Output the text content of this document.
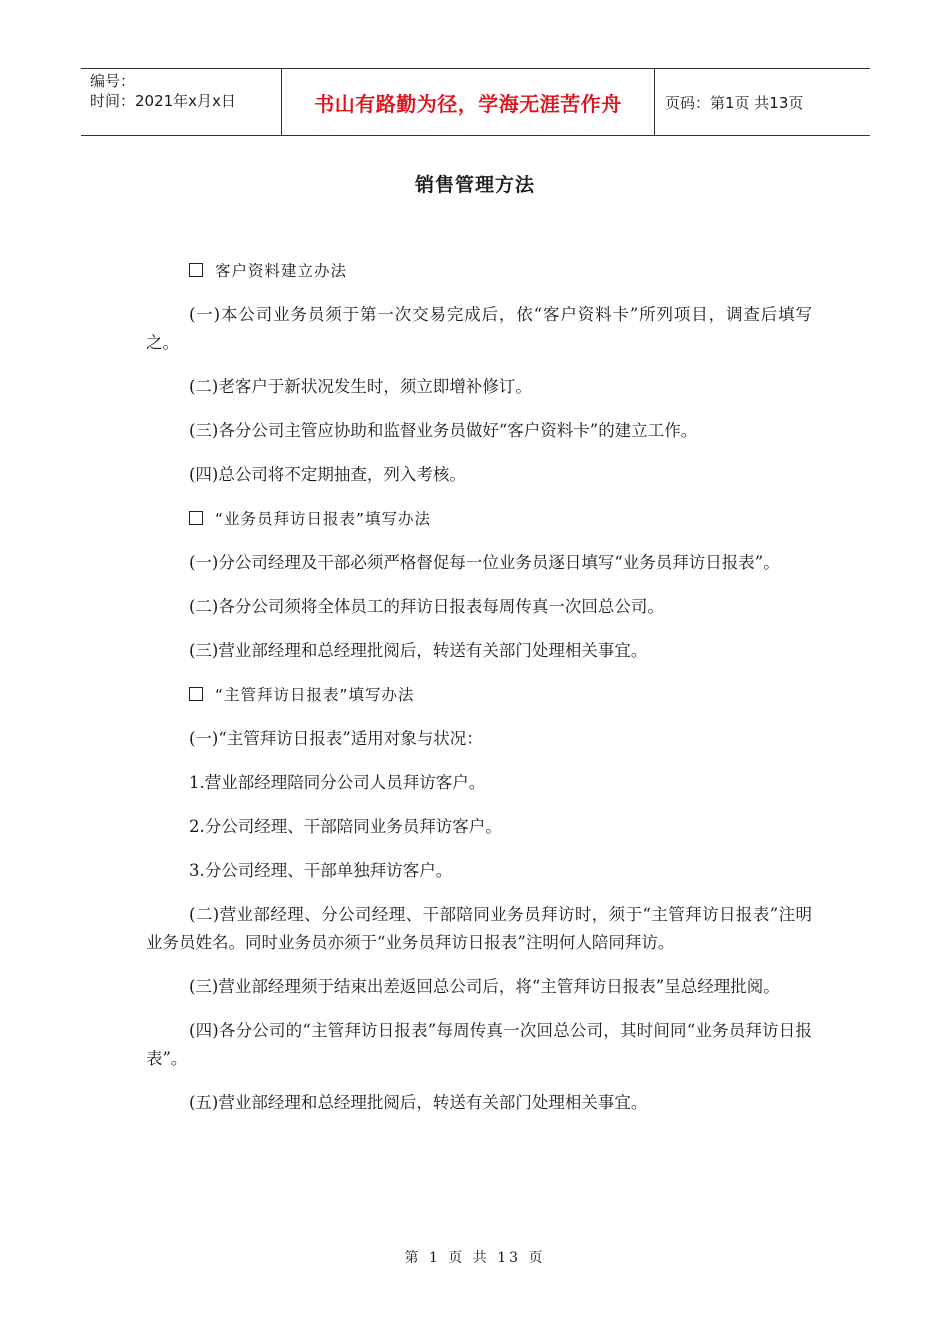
编号：
时间：2021年x月x日	书山有路勤为径，学海无涯苦作舟	页码：第1页 共13页
销售管理方法
客户资料建立办法

(一)本公司业务员须于第一次交易完成后，依“客户资料卡”所列项目，调查后填写之。

(二)老客户于新状况发生时，须立即增补修订。

(三)各分公司主管应协助和监督业务员做好“客户资料卡”的建立工作。

(四)总公司将不定期抽查，列入考核。

“业务员拜访日报表”填写办法

(一)分公司经理及干部必须严格督促每一位业务员逐日填写“业务员拜访日报表”。

(二)各分公司须将全体员工的拜访日报表每周传真一次回总公司。

(三)营业部经理和总经理批阅后，转送有关部门处理相关事宜。

“主管拜访日报表”填写办法

(一)“主管拜访日报表”适用对象与状况：

1.营业部经理陪同分公司人员拜访客户。

2.分公司经理、干部陪同业务员拜访客户。

3.分公司经理、干部单独拜访客户。

(二)营业部经理、分公司经理、干部陪同业务员拜访时，须于“主管拜访日报表”注明业务员姓名。同时业务员亦须于“业务员拜访日报表”注明何人陪同拜访。

(三)营业部经理须于结束出差返回总公司后，将“主管拜访日报表”呈总经理批阅。

(四)各分公司的“主管拜访日报表”每周传真一次回总公司，其时间同“业务员拜访日报表”。

(五)营业部经理和总经理批阅后，转送有关部门处理相关事宜。

第 1 页 共 13 页
